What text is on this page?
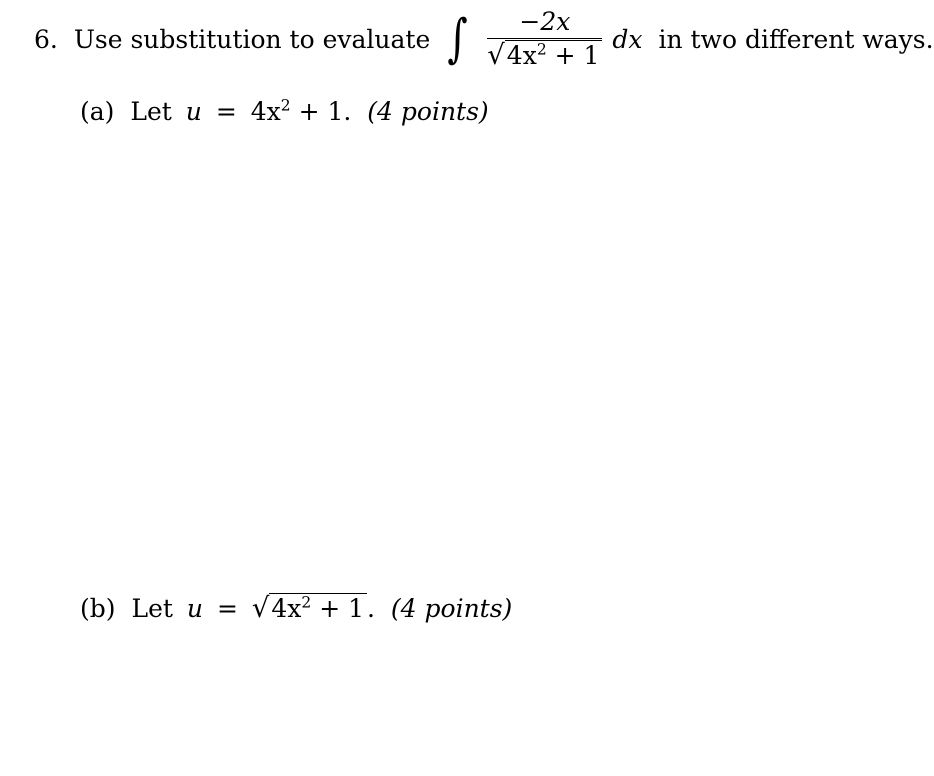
6. Use substitution to evaluate ∫ $\frac{-2x}{√4x^2 + 1}$ dx in two different ways.
(a) Let $u = 4x^2 + 1$. (4 points)
(b) Let $u = √4x^2 + 1$ . (4 points)
